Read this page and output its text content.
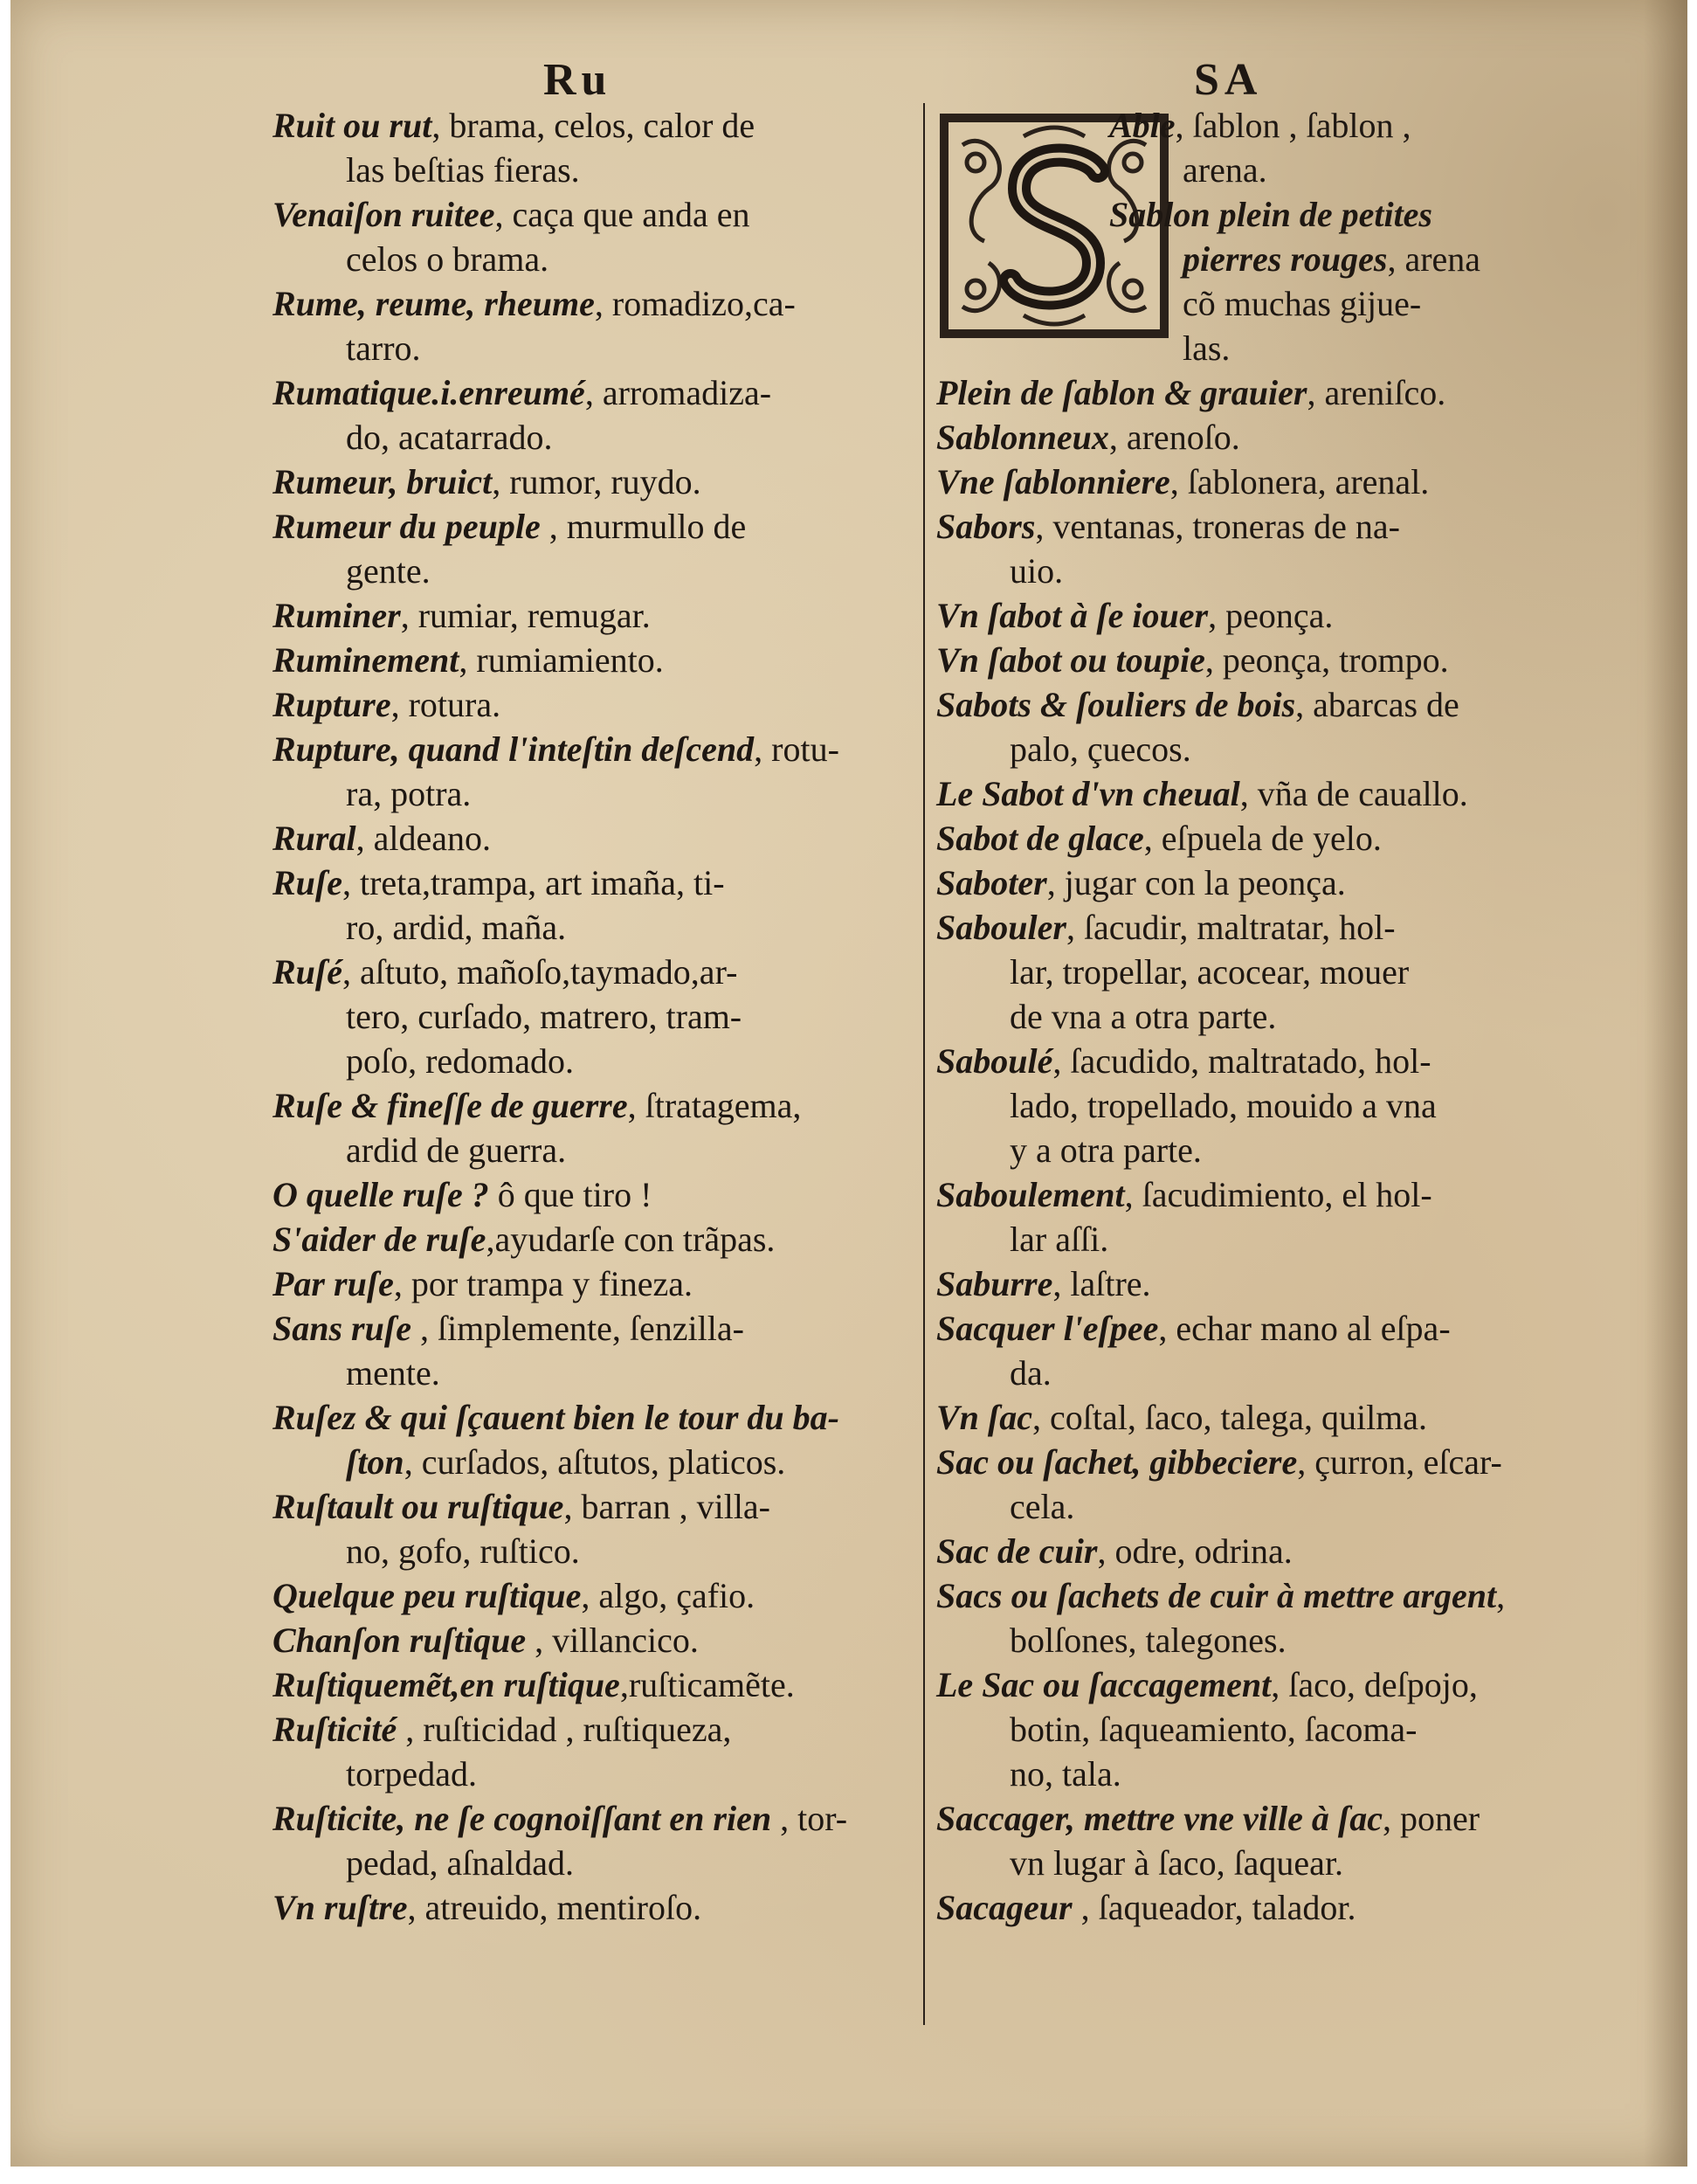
Ru	SA
Ruit ou rut, brama, celos, calor de
las beſtias fieras.
Venaiſon ruitee, caça que anda en
celos o brama.
Rume, reume, rheume, romadizo,ca-
tarro.
Rumatique.i.enreumé, arromadiza-
do, acatarrado.
Rumeur, bruict, rumor, ruydo.
Rumeur du peuple , murmullo de
gente.
Ruminer, rumiar, remugar.
Ruminement, rumiamiento.
Rupture, rotura.
Rupture, quand l'inteſtin deſcend, rotu-
ra, potra.
Rural, aldeano.
Ruſe, treta,trampa, art imaña, ti-
ro, ardid, maña.
Ruſé, aſtuto, mañoſo,taymado,ar-
tero, curſado, matrero, tram-
poſo, redomado.
Ruſe & fineſſe de guerre, ſtratagema,
ardid de guerra.
O quelle ruſe ? ô que tiro !
S'aider de ruſe,ayudarſe con trãpas.
Par ruſe, por trampa y fineza.
Sans ruſe , ſimplemente, ſenzilla-
mente.
Ruſez & qui ſçauent bien le tour du ba-
ſton, curſados, aſtutos, platicos.
Ruſtault ou ruſtique, barran , villa-
no, gofo, ruſtico.
Quelque peu ruſtique, algo, çafio.
Chanſon ruſtique , villancico.
Ruſtiquemẽt,en ruſtique,ruſticamẽte.
Ruſticité , ruſticidad , ruſtiqueza,
torpedad.
Ruſticite, ne ſe cognoiſſant en rien , tor-
pedad, aſnaldad.
Vn ruſtre, atreuido, mentiroſo.
Able, ſablon , ſablon ,
arena.
Sablon plein de petites
pierres rouges, arena
cõ muchas gijue-
las.
Plein de ſablon & grauier, areniſco.
Sablonneux, arenoſo.
Vne ſablonniere, ſablonera, arenal.
Sabors, ventanas, troneras de na-
uio.
Vn ſabot à ſe iouer, peonça.
Vn ſabot ou toupie, peonça, trompo.
Sabots & ſouliers de bois, abarcas de
palo, çuecos.
Le Sabot d'vn cheual, vña de cauallo.
Sabot de glace, eſpuela de yelo.
Saboter, jugar con la peonça.
Sabouler, ſacudir, maltratar, hol-
lar, tropellar, acocear, mouer
de vna a otra parte.
Saboulé, ſacudido, maltratado, hol-
lado, tropellado, mouido a vna
y a otra parte.
Saboulement, ſacudimiento, el hol-
lar aſſi.
Saburre, laſtre.
Sacquer l'eſpee, echar mano al eſpa-
da.
Vn ſac, coſtal, ſaco, talega, quilma.
Sac ou ſachet, gibbeciere, çurron, eſcar-
cela.
Sac de cuir, odre, odrina.
Sacs ou ſachets de cuir à mettre argent,
bolſones, talegones.
Le Sac ou ſaccagement, ſaco, deſpojo,
botin, ſaqueamiento, ſacoma-
no, tala.
Saccager, mettre vne ville à ſac, poner
vn lugar à ſaco, ſaquear.
Sacageur , ſaqueador, talador.
